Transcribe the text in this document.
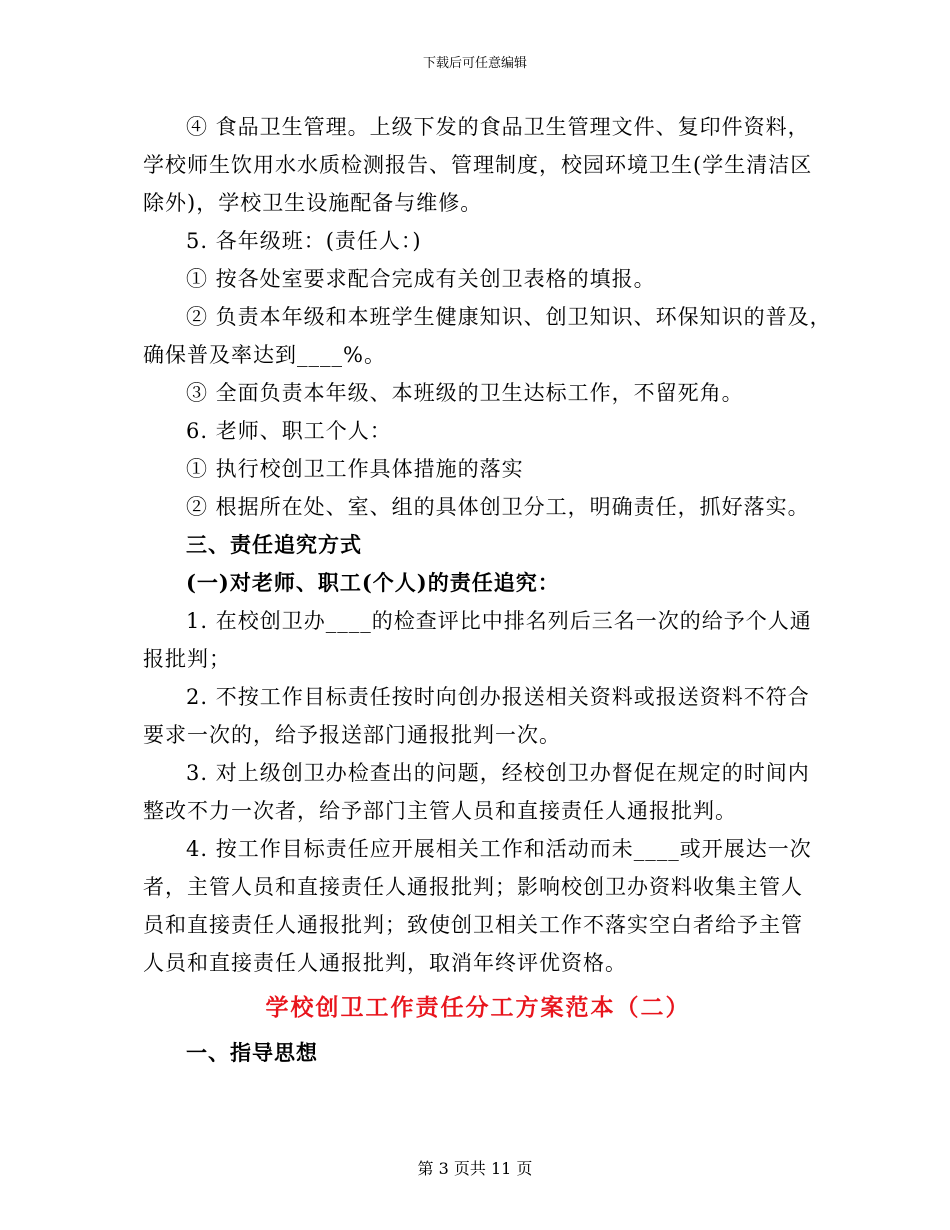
下载后可任意编辑
④ 食品卫生管理。上级下发的食品卫生管理文件、复印件资料，
学校师生饮用水水质检测报告、管理制度，校园环境卫生(学生清洁区
除外)，学校卫生设施配备与维修。
5. 各年级班：(责任人：)
① 按各处室要求配合完成有关创卫表格的填报。
② 负责本年级和本班学生健康知识、创卫知识、环保知识的普及，
确保普及率达到____%。
③ 全面负责本年级、本班级的卫生达标工作，不留死角。
6. 老师、职工个人：
① 执行校创卫工作具体措施的落实
② 根据所在处、室、组的具体创卫分工，明确责任，抓好落实。
三、责任追究方式
(一)对老师、职工(个人)的责任追究：
1. 在校创卫办____的检查评比中排名列后三名一次的给予个人通
报批判；
2. 不按工作目标责任按时向创办报送相关资料或报送资料不符合
要求一次的，给予报送部门通报批判一次。
3. 对上级创卫办检查出的问题，经校创卫办督促在规定的时间内
整改不力一次者，给予部门主管人员和直接责任人通报批判。
4. 按工作目标责任应开展相关工作和活动而未____或开展达一次
者，主管人员和直接责任人通报批判；影响校创卫办资料收集主管人
员和直接责任人通报批判；致使创卫相关工作不落实空白者给予主管
人员和直接责任人通报批判，取消年终评优资格。
学校创卫工作责任分工方案范本（二）
一、指导思想
第 3 页共 11 页
